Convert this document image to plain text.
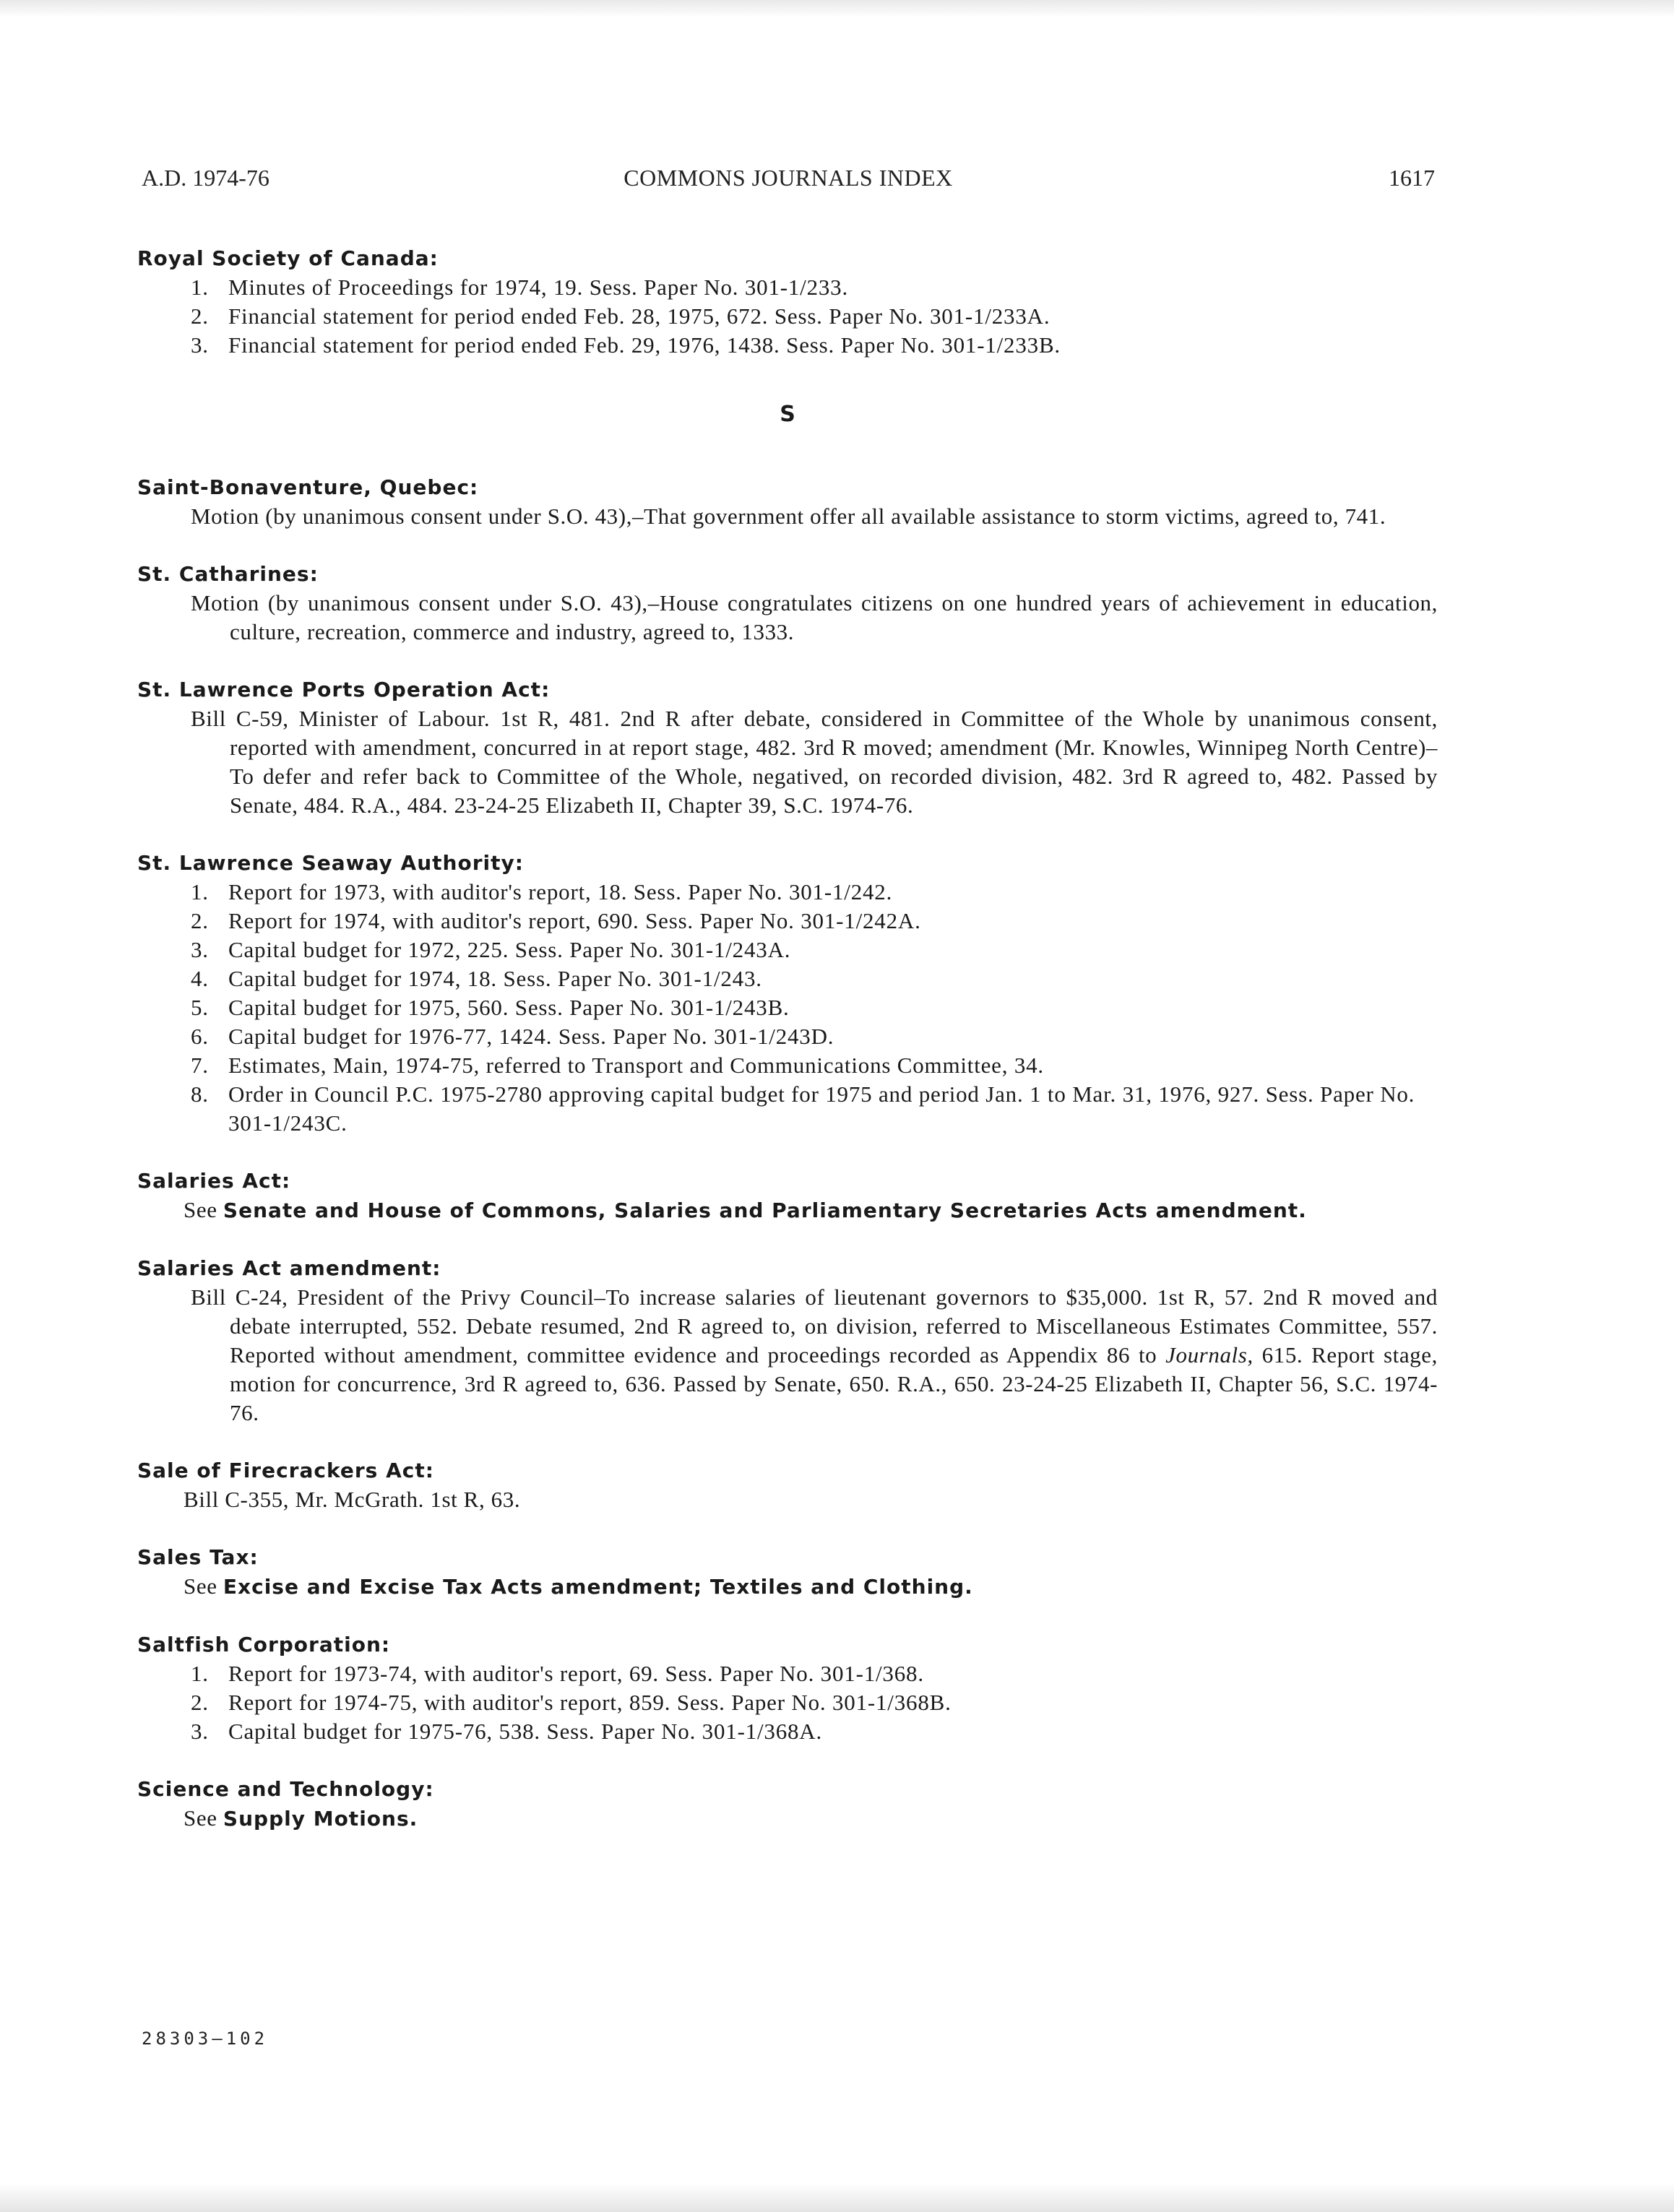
A.D. 1974-76	COMMONS JOURNALS INDEX	1617
Royal Society of Canada:
1. Minutes of Proceedings for 1974, 19. Sess. Paper No. 301-1/233.
2. Financial statement for period ended Feb. 28, 1975, 672. Sess. Paper No. 301-1/233A.
3. Financial statement for period ended Feb. 29, 1976, 1438. Sess. Paper No. 301-1/233B.
S
Saint-Bonaventure, Quebec:
Motion (by unanimous consent under S.O. 43),–That government offer all available assistance to storm victims, agreed to, 741.
St. Catharines:
Motion (by unanimous consent under S.O. 43),–House congratulates citizens on one hundred years of achievement in education, culture, recreation, commerce and industry, agreed to, 1333.
St. Lawrence Ports Operation Act:
Bill C-59, Minister of Labour. 1st R, 481. 2nd R after debate, considered in Committee of the Whole by unanimous consent, reported with amendment, concurred in at report stage, 482. 3rd R moved; amendment (Mr. Knowles, Winnipeg North Centre)–To defer and refer back to Committee of the Whole, negatived, on recorded division, 482. 3rd R agreed to, 482. Passed by Senate, 484. R.A., 484. 23-24-25 Elizabeth II, Chapter 39, S.C. 1974-76.
St. Lawrence Seaway Authority:
1. Report for 1973, with auditor's report, 18. Sess. Paper No. 301-1/242.
2. Report for 1974, with auditor's report, 690. Sess. Paper No. 301-1/242A.
3. Capital budget for 1972, 225. Sess. Paper No. 301-1/243A.
4. Capital budget for 1974, 18. Sess. Paper No. 301-1/243.
5. Capital budget for 1975, 560. Sess. Paper No. 301-1/243B.
6. Capital budget for 1976-77, 1424. Sess. Paper No. 301-1/243D.
7. Estimates, Main, 1974-75, referred to Transport and Communications Committee, 34.
8. Order in Council P.C. 1975-2780 approving capital budget for 1975 and period Jan. 1 to Mar. 31, 1976, 927. Sess. Paper No. 301-1/243C.
Salaries Act:
See Senate and House of Commons, Salaries and Parliamentary Secretaries Acts amendment.
Salaries Act amendment:
Bill C-24, President of the Privy Council–To increase salaries of lieutenant governors to $35,000. 1st R, 57. 2nd R moved and debate interrupted, 552. Debate resumed, 2nd R agreed to, on division, referred to Miscellaneous Estimates Committee, 557. Reported without amendment, committee evidence and proceedings recorded as Appendix 86 to Journals, 615. Report stage, motion for concurrence, 3rd R agreed to, 636. Passed by Senate, 650. R.A., 650. 23-24-25 Elizabeth II, Chapter 56, S.C. 1974-76.
Sale of Firecrackers Act:
Bill C-355, Mr. McGrath. 1st R, 63.
Sales Tax:
See Excise and Excise Tax Acts amendment; Textiles and Clothing.
Saltfish Corporation:
1. Report for 1973-74, with auditor's report, 69. Sess. Paper No. 301-1/368.
2. Report for 1974-75, with auditor's report, 859. Sess. Paper No. 301-1/368B.
3. Capital budget for 1975-76, 538. Sess. Paper No. 301-1/368A.
Science and Technology:
See Supply Motions.
28303—102
